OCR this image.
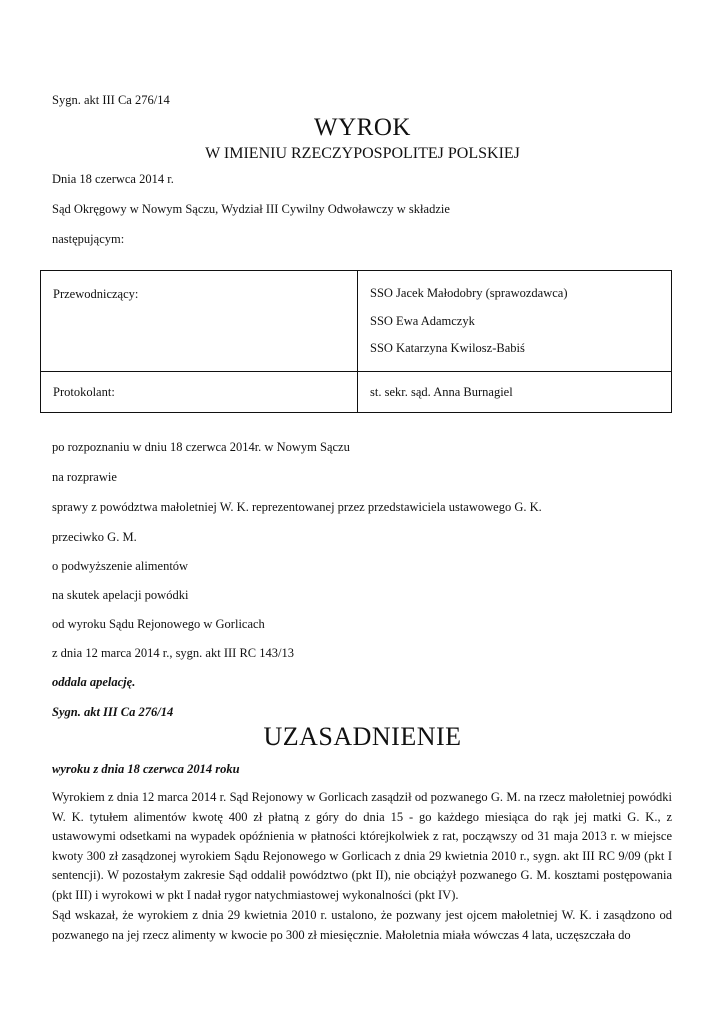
Sygn. akt III Ca 276/14
WYROK
W IMIENIU RZECZYPOSPOLITEJ POLSKIEJ
Dnia 18 czerwca 2014 r.
Sąd Okręgowy w Nowym Sączu, Wydział III Cywilny Odwoławczy w składzie
następującym:
Przewodniczący:	SSO Jacek Małodobry (sprawozdawca)
SSO Ewa Adamczyk
SSO Katarzyna Kwilosz-Babiś

Protokolant:	st. sekr. sąd. Anna Burnagiel
po rozpoznaniu w dniu 18 czerwca 2014r. w Nowym Sączu
na rozprawie
sprawy z powództwa małoletniej W. K. reprezentowanej przez przedstawiciela ustawowego G. K.
przeciwko G. M.
o podwyższenie alimentów
na skutek apelacji powódki
od wyroku Sądu Rejonowego w Gorlicach
z dnia 12 marca 2014 r., sygn. akt III RC 143/13
oddala apelację.
Sygn. akt III Ca 276/14
UZASADNIENIE
wyroku z dnia 18 czerwca 2014 roku
Wyrokiem z dnia 12 marca 2014 r. Sąd Rejonowy w Gorlicach zasądził od pozwanego G. M. na rzecz małoletniej powódki W. K. tytułem alimentów kwotę 400 zł płatną z góry do dnia 15 - go każdego miesiąca do rąk jej matki G. K., z ustawowymi odsetkami na wypadek opóźnienia w płatności którejkolwiek z rat, począwszy od 31 maja 2013 r. w miejsce kwoty 300 zł zasądzonej wyrokiem Sądu Rejonowego w Gorlicach z dnia 29 kwietnia 2010 r., sygn. akt III RC 9/09 (pkt I sentencji). W pozostałym zakresie Sąd oddalił powództwo (pkt II), nie obciążył pozwanego G. M. kosztami postępowania (pkt III) i wyrokowi w pkt I nadał rygor natychmiastowej wykonalności (pkt IV).
Sąd wskazał, że wyrokiem z dnia 29 kwietnia 2010 r. ustalono, że pozwany jest ojcem małoletniej W. K. i zasądzono od pozwanego na jej rzecz alimenty w kwocie po 300 zł miesięcznie. Małoletnia miała wówczas 4 lata, uczęszczała do
